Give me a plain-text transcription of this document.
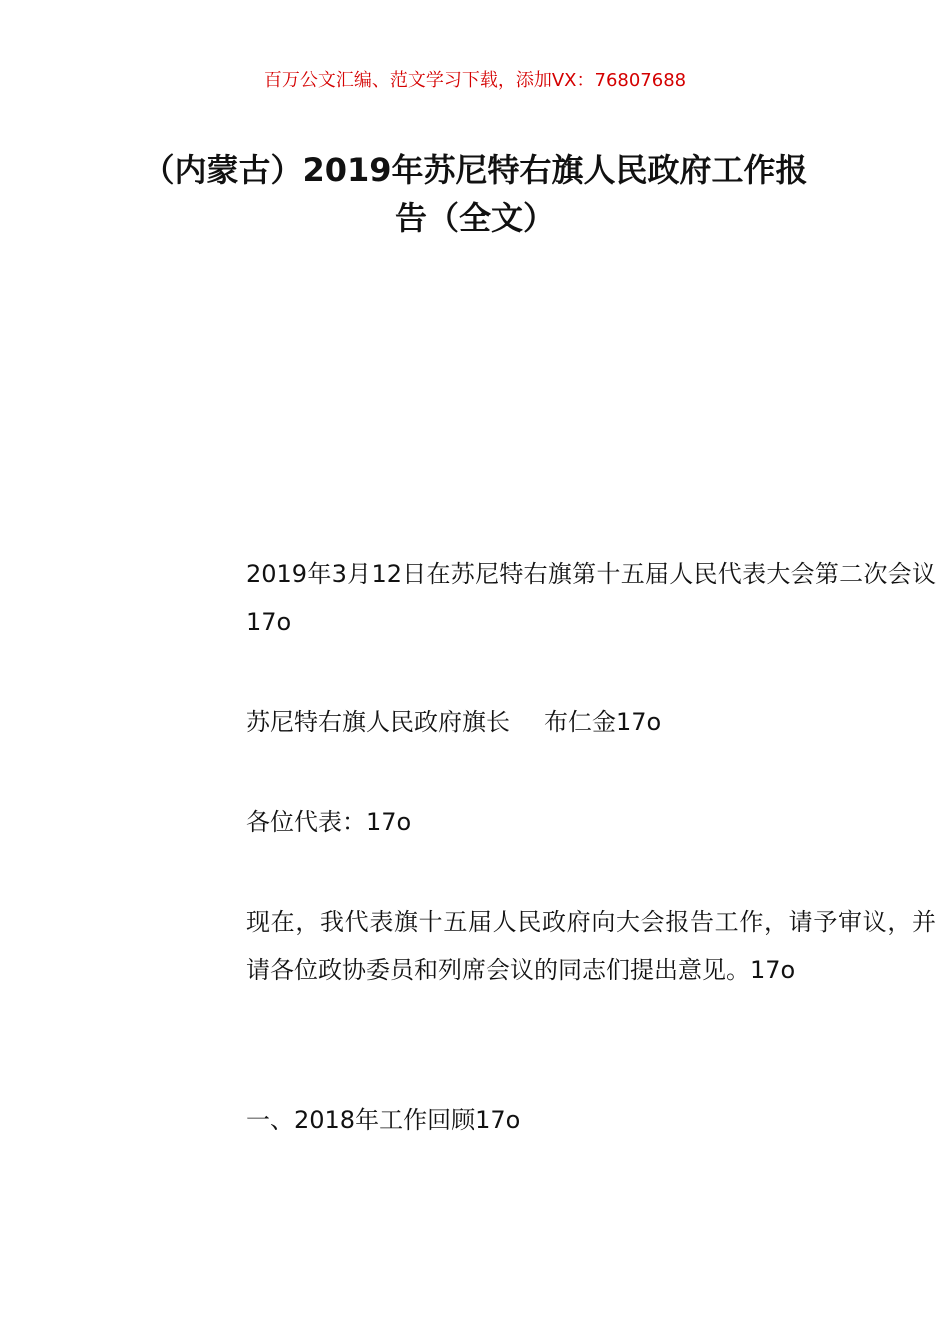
百万公文汇编、范文学习下载，添加VX：76807688
（内蒙古）2019年苏尼特右旗人民政府工作报告（全文）

2019年3月12日在苏尼特右旗第十五届人民代表大会第二次会议17o

苏尼特右旗人民政府旗长 布仁金17o

各位代表：17o

现在，我代表旗十五届人民政府向大会报告工作，请予审议，并请各位政协委员和列席会议的同志们提出意见。17o

一、2018年工作回顾17o
